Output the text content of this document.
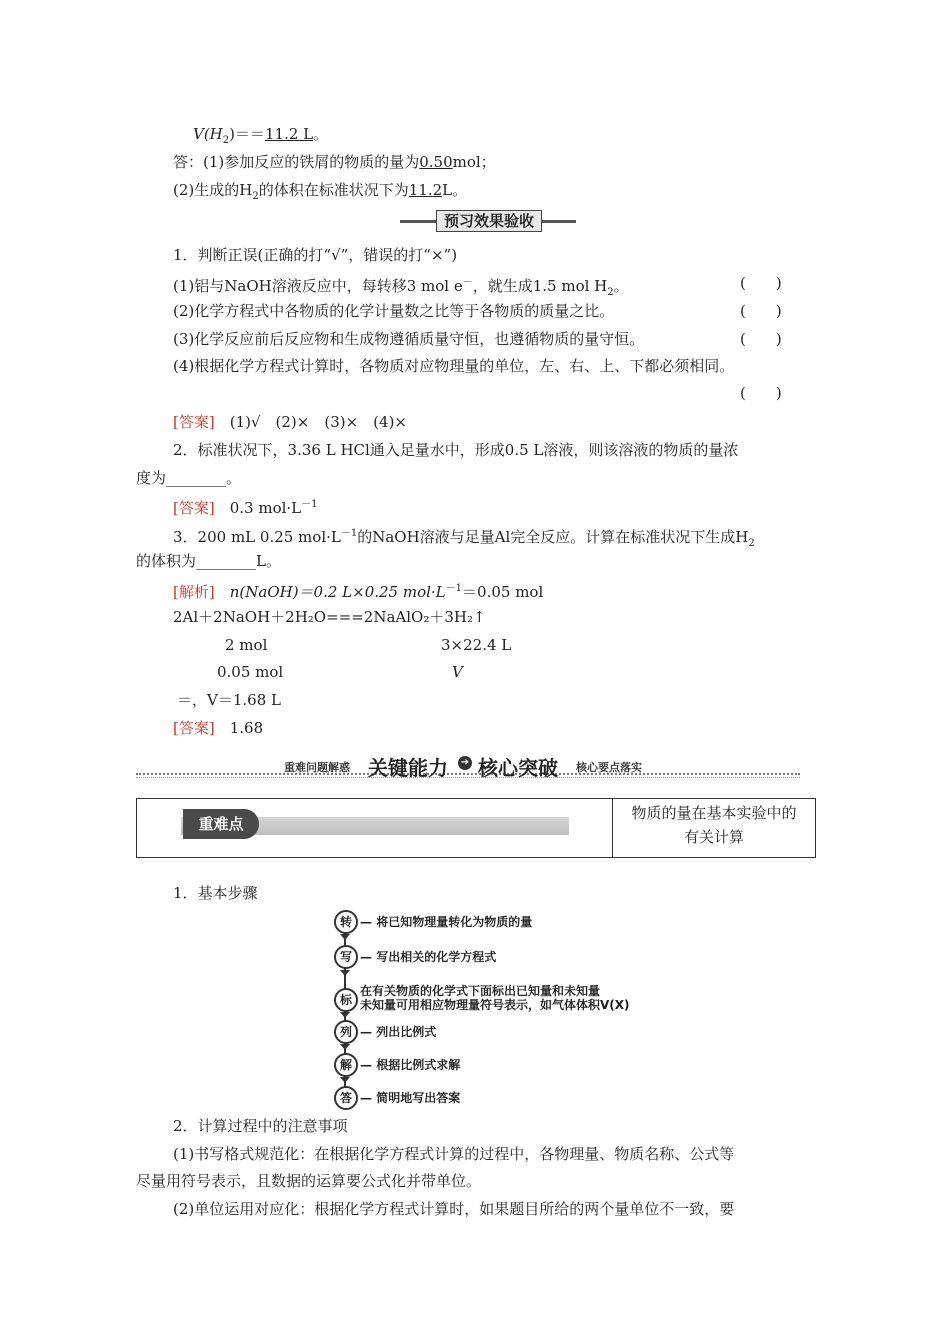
$V(H_2)==11.2$ L。
答：(1)参加反应的铁屑的物质的量为0.50mol；
(2)生成的$H_2$的体积在标准状况下为11.2L。
预习效果验收
1．判断正误(正确的打“√”，错误的打“×”)
(1)铝与NaOH溶液反应中，每转移3 mol e－，就生成1.5 mol $H_2$。	(　　)
(2)化学方程式中各物质的化学计量数之比等于各物质的质量之比。	(　　)
(3)化学反应前后反应物和生成物遵循质量守恒，也遵循物质的量守恒。	(　　)
(4)根据化学方程式计算时，各物质对应物理量的单位，左、右、上、下都必须相同。
(　　)
[答案]　 (1)√　(2)×　(3)×　(4)×
2．标准状况下，3.36 L HCl通入足量水中，形成0.5 L溶液，则该溶液的物质的量浓
度为________。
[答案]　 0.3 $mol\cdot L^{-1}$
3．200 mL 0.25 $mol\cdot L^{-1}$的NaOH溶液与足量Al完全反应。计算在标准状况下生成$H_2$
的体积为________L。
[解析]　 n(NaOH)＝0.2 L×0.25 $mol\cdot L^{-1}=0.05$ mol
2Al＋2NaOH＋2H₂O===2NaAlO₂＋3H₂↑
2 mol	3×22.4 L
0.05 mol	V
＝，V＝1.68 L
[答案]　 1.68
重难问题解惑 关键能力 ➔ 核心突破 核心要点落实
重难点
物质的量在基本实验中的
有关计算
1．基本步骤
转 — 将已知物理量转化为物质的量
写 — 写出相关的化学方程式
标
在有关物质的化学式下面标出已知量和未知量
未知量可用相应物理量符号表示，如气体体积V(X)
列 — 列出比例式
解 — 根据比例式求解
答 — 简明地写出答案
2．计算过程中的注意事项
(1)书写格式规范化：在根据化学方程式计算的过程中，各物理量、物质名称、公式等
尽量用符号表示，且数据的运算要公式化并带单位。
(2)单位运用对应化：根据化学方程式计算时，如果题目所给的两个量单位不一致，要
